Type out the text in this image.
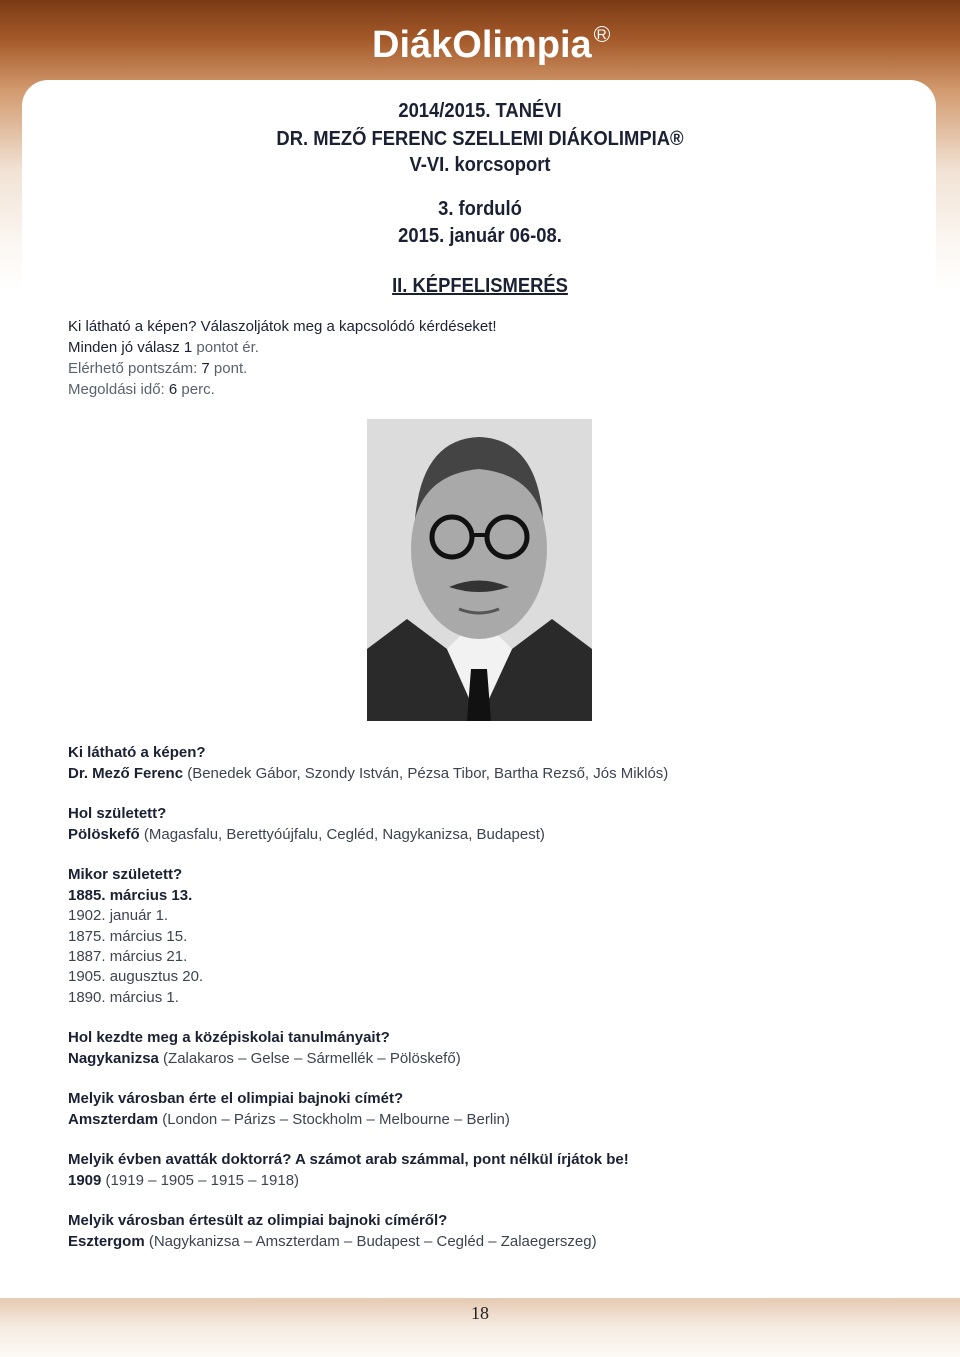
DiákOlimpia R
2014/2015. TANÉVI
DR. MEZŐ FERENC SZELLEMI DIÁKOLIMPIA®
V-VI. korcsoport
3. forduló
2015. január 06-08.
II. KÉPFELISMERÉS
Ki látható a képen? Válaszoljátok meg a kapcsolódó kérdéseket!
Minden jó válasz 1 pontot ér.
Elérhető pontszám: 7 pont.
Megoldási idő: 6 perc.
Ki látható a képen?
Dr. Mező Ferenc (Benedek Gábor, Szondy István, Pézsa Tibor, Bartha Rezső, Jós Miklós)
Hol született?
Pölöskefő (Magasfalu, Berettyóújfalu, Cegléd, Nagykanizsa, Budapest)
Mikor született?
1885. március 13.
1902. január 1.
1875. március 15.
1887. március 21.
1905. augusztus 20.
1890. március 1.
Hol kezdte meg a középiskolai tanulmányait?
Nagykanizsa (Zalakaros – Gelse – Sármellék – Pölöskefő)
Melyik városban érte el olimpiai bajnoki címét?
Amszterdam (London – Párizs – Stockholm – Melbourne – Berlin)
Melyik évben avatták doktorrá? A számot arab számmal, pont nélkül írjátok be!
1909 (1919 – 1905 – 1915 – 1918)
Melyik városban értesült az olimpiai bajnoki címéről?
Esztergom (Nagykanizsa – Amszterdam – Budapest – Cegléd – Zalaegerszeg)
18
